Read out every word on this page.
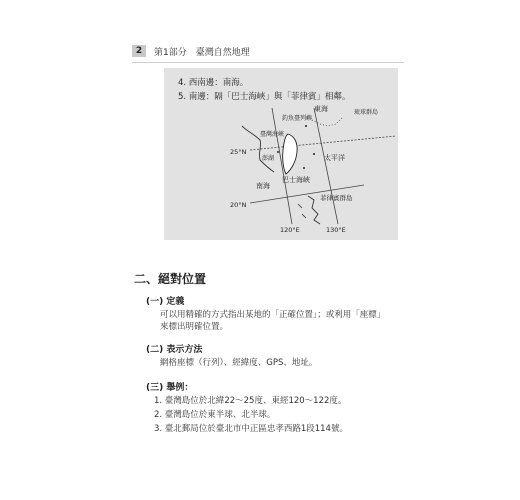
2	第1部分　臺灣自然地理
4. 西南邊：南海。
5. 南邊：隔「巴士海峽」與「菲律賓」相鄰。
東海
釣魚臺列嶼
琉球群島
臺灣海峽
澎湖	太平洋
南海
巴士海峽
菲律賓群島
25°N
20°N
120°E	130°E
二、絕對位置
(一) 定義
可以用精確的方式指出某地的「正確位置」；或利用「座標」
來標出明確位置。
(二) 表示方法
網格座標（行列）、經緯度、GPS、地址。
(三) 舉例：
1. 臺灣島位於北緯22～25度、東經120～122度。
2. 臺灣島位於東半球、北半球。
3. 臺北郵局位於臺北市中正區忠孝西路1段114號。
